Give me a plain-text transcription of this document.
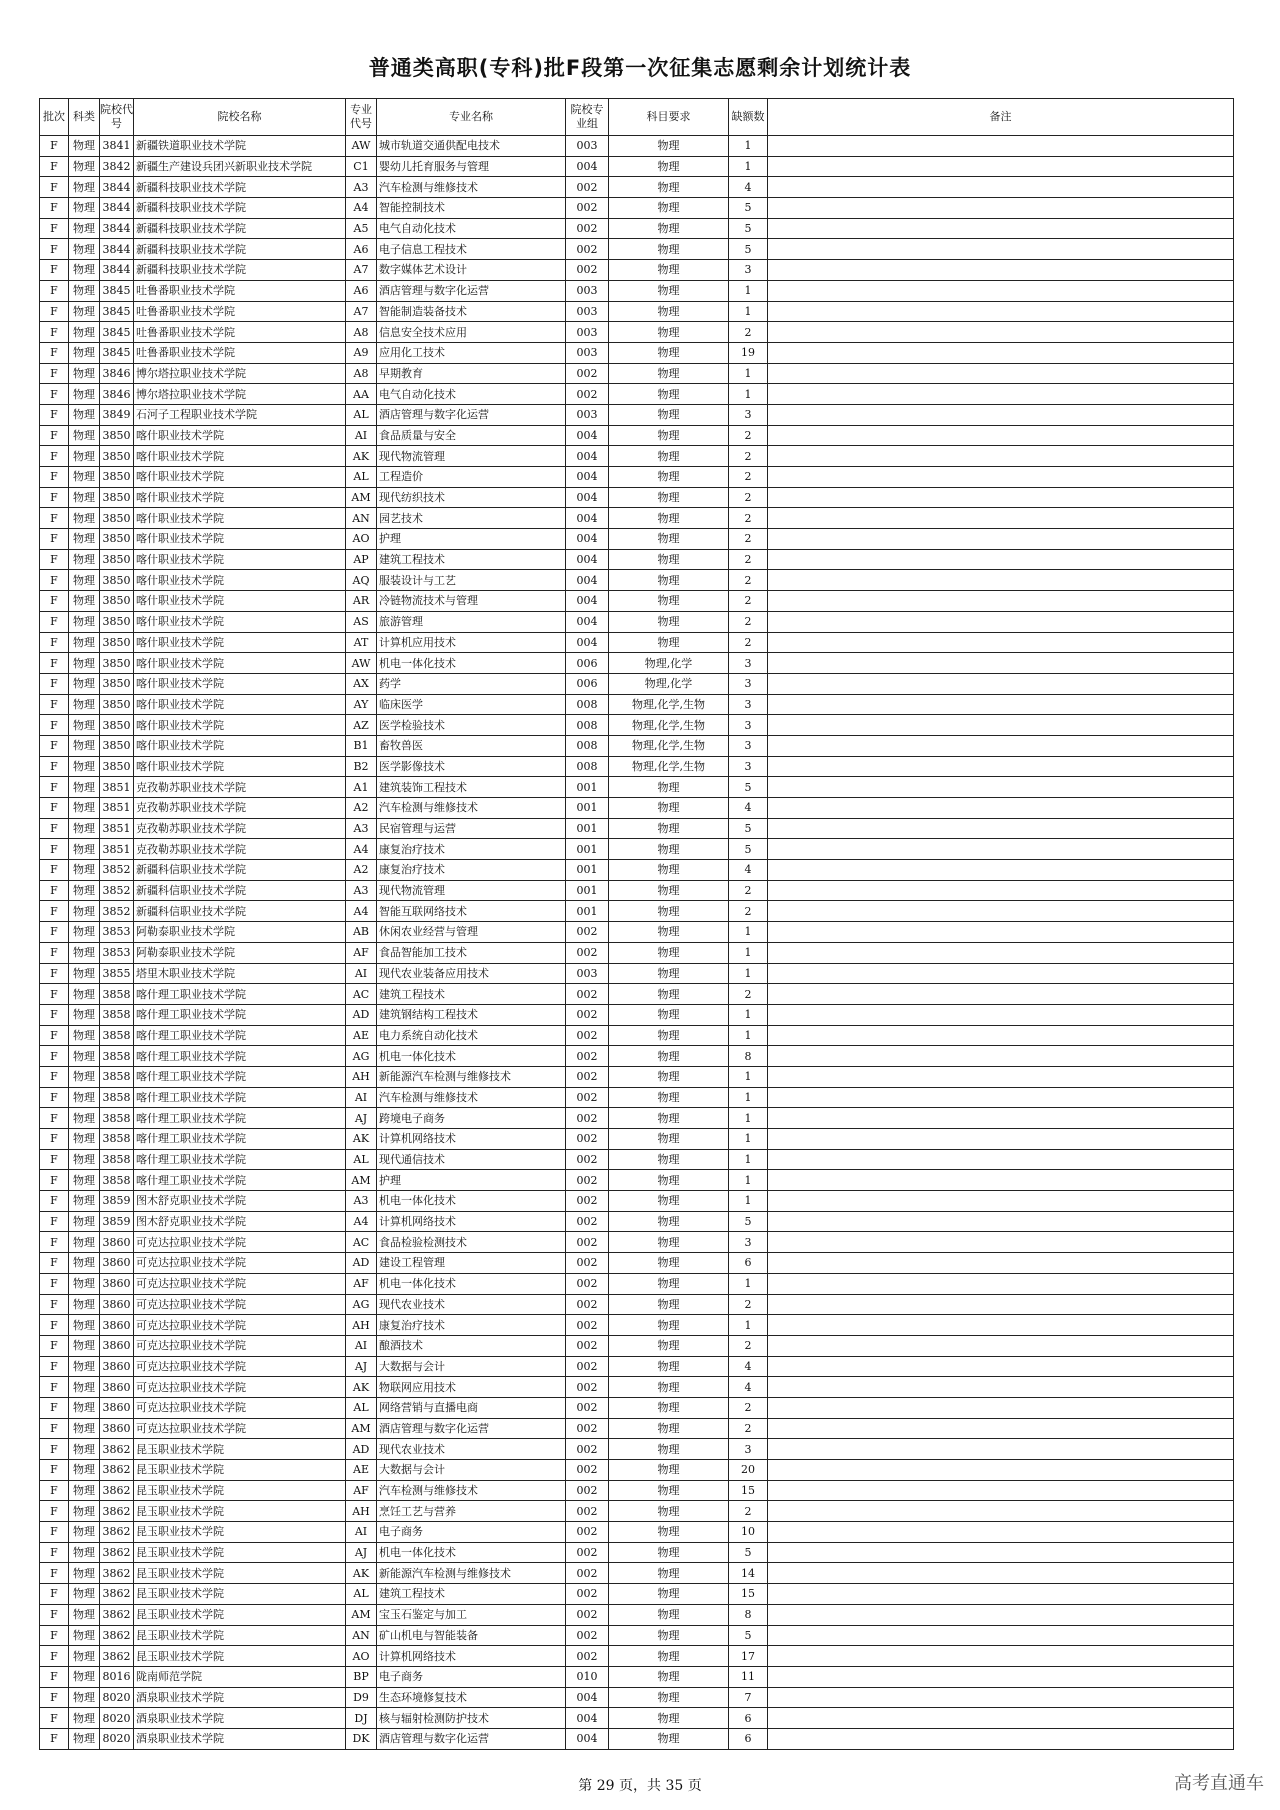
普通类高职(专科)批F段第一次征集志愿剩余计划统计表
批次	科类	院校代号	院校名称	专业代号	专业名称	院校专业组	科目要求	缺额数	备注
F	物理	3841	新疆铁道职业技术学院	AW	城市轨道交通供配电技术	003	物理	1	
F	物理	3842	新疆生产建设兵团兴新职业技术学院	C1	婴幼儿托育服务与管理	004	物理	1	
F	物理	3844	新疆科技职业技术学院	A3	汽车检测与维修技术	002	物理	4	
F	物理	3844	新疆科技职业技术学院	A4	智能控制技术	002	物理	5	
F	物理	3844	新疆科技职业技术学院	A5	电气自动化技术	002	物理	5	
F	物理	3844	新疆科技职业技术学院	A6	电子信息工程技术	002	物理	5	
F	物理	3844	新疆科技职业技术学院	A7	数字媒体艺术设计	002	物理	3	
F	物理	3845	吐鲁番职业技术学院	A6	酒店管理与数字化运营	003	物理	1	
F	物理	3845	吐鲁番职业技术学院	A7	智能制造装备技术	003	物理	1	
F	物理	3845	吐鲁番职业技术学院	A8	信息安全技术应用	003	物理	2	
F	物理	3845	吐鲁番职业技术学院	A9	应用化工技术	003	物理	19	
F	物理	3846	博尔塔拉职业技术学院	A8	早期教育	002	物理	1	
F	物理	3846	博尔塔拉职业技术学院	AA	电气自动化技术	002	物理	1	
F	物理	3849	石河子工程职业技术学院	AL	酒店管理与数字化运营	003	物理	3	
F	物理	3850	喀什职业技术学院	AI	食品质量与安全	004	物理	2	
F	物理	3850	喀什职业技术学院	AK	现代物流管理	004	物理	2	
F	物理	3850	喀什职业技术学院	AL	工程造价	004	物理	2	
F	物理	3850	喀什职业技术学院	AM	现代纺织技术	004	物理	2	
F	物理	3850	喀什职业技术学院	AN	园艺技术	004	物理	2	
F	物理	3850	喀什职业技术学院	AO	护理	004	物理	2	
F	物理	3850	喀什职业技术学院	AP	建筑工程技术	004	物理	2	
F	物理	3850	喀什职业技术学院	AQ	服装设计与工艺	004	物理	2	
F	物理	3850	喀什职业技术学院	AR	冷链物流技术与管理	004	物理	2	
F	物理	3850	喀什职业技术学院	AS	旅游管理	004	物理	2	
F	物理	3850	喀什职业技术学院	AT	计算机应用技术	004	物理	2	
F	物理	3850	喀什职业技术学院	AW	机电一体化技术	006	物理,化学	3	
F	物理	3850	喀什职业技术学院	AX	药学	006	物理,化学	3	
F	物理	3850	喀什职业技术学院	AY	临床医学	008	物理,化学,生物	3	
F	物理	3850	喀什职业技术学院	AZ	医学检验技术	008	物理,化学,生物	3	
F	物理	3850	喀什职业技术学院	B1	畜牧兽医	008	物理,化学,生物	3	
F	物理	3850	喀什职业技术学院	B2	医学影像技术	008	物理,化学,生物	3	
F	物理	3851	克孜勒苏职业技术学院	A1	建筑装饰工程技术	001	物理	5	
F	物理	3851	克孜勒苏职业技术学院	A2	汽车检测与维修技术	001	物理	4	
F	物理	3851	克孜勒苏职业技术学院	A3	民宿管理与运营	001	物理	5	
F	物理	3851	克孜勒苏职业技术学院	A4	康复治疗技术	001	物理	5	
F	物理	3852	新疆科信职业技术学院	A2	康复治疗技术	001	物理	4	
F	物理	3852	新疆科信职业技术学院	A3	现代物流管理	001	物理	2	
F	物理	3852	新疆科信职业技术学院	A4	智能互联网络技术	001	物理	2	
F	物理	3853	阿勒泰职业技术学院	AB	休闲农业经营与管理	002	物理	1	
F	物理	3853	阿勒泰职业技术学院	AF	食品智能加工技术	002	物理	1	
F	物理	3855	塔里木职业技术学院	AI	现代农业装备应用技术	003	物理	1	
F	物理	3858	喀什理工职业技术学院	AC	建筑工程技术	002	物理	2	
F	物理	3858	喀什理工职业技术学院	AD	建筑钢结构工程技术	002	物理	1	
F	物理	3858	喀什理工职业技术学院	AE	电力系统自动化技术	002	物理	1	
F	物理	3858	喀什理工职业技术学院	AG	机电一体化技术	002	物理	8	
F	物理	3858	喀什理工职业技术学院	AH	新能源汽车检测与维修技术	002	物理	1	
F	物理	3858	喀什理工职业技术学院	AI	汽车检测与维修技术	002	物理	1	
F	物理	3858	喀什理工职业技术学院	AJ	跨境电子商务	002	物理	1	
F	物理	3858	喀什理工职业技术学院	AK	计算机网络技术	002	物理	1	
F	物理	3858	喀什理工职业技术学院	AL	现代通信技术	002	物理	1	
F	物理	3858	喀什理工职业技术学院	AM	护理	002	物理	1	
F	物理	3859	图木舒克职业技术学院	A3	机电一体化技术	002	物理	1	
F	物理	3859	图木舒克职业技术学院	A4	计算机网络技术	002	物理	5	
F	物理	3860	可克达拉职业技术学院	AC	食品检验检测技术	002	物理	3	
F	物理	3860	可克达拉职业技术学院	AD	建设工程管理	002	物理	6	
F	物理	3860	可克达拉职业技术学院	AF	机电一体化技术	002	物理	1	
F	物理	3860	可克达拉职业技术学院	AG	现代农业技术	002	物理	2	
F	物理	3860	可克达拉职业技术学院	AH	康复治疗技术	002	物理	1	
F	物理	3860	可克达拉职业技术学院	AI	酿酒技术	002	物理	2	
F	物理	3860	可克达拉职业技术学院	AJ	大数据与会计	002	物理	4	
F	物理	3860	可克达拉职业技术学院	AK	物联网应用技术	002	物理	4	
F	物理	3860	可克达拉职业技术学院	AL	网络营销与直播电商	002	物理	2	
F	物理	3860	可克达拉职业技术学院	AM	酒店管理与数字化运营	002	物理	2	
F	物理	3862	昆玉职业技术学院	AD	现代农业技术	002	物理	3	
F	物理	3862	昆玉职业技术学院	AE	大数据与会计	002	物理	20	
F	物理	3862	昆玉职业技术学院	AF	汽车检测与维修技术	002	物理	15	
F	物理	3862	昆玉职业技术学院	AH	烹饪工艺与营养	002	物理	2	
F	物理	3862	昆玉职业技术学院	AI	电子商务	002	物理	10	
F	物理	3862	昆玉职业技术学院	AJ	机电一体化技术	002	物理	5	
F	物理	3862	昆玉职业技术学院	AK	新能源汽车检测与维修技术	002	物理	14	
F	物理	3862	昆玉职业技术学院	AL	建筑工程技术	002	物理	15	
F	物理	3862	昆玉职业技术学院	AM	宝玉石鉴定与加工	002	物理	8	
F	物理	3862	昆玉职业技术学院	AN	矿山机电与智能装备	002	物理	5	
F	物理	3862	昆玉职业技术学院	AO	计算机网络技术	002	物理	17	
F	物理	8016	陇南师范学院	BP	电子商务	010	物理	11	
F	物理	8020	酒泉职业技术学院	D9	生态环境修复技术	004	物理	7	
F	物理	8020	酒泉职业技术学院	DJ	核与辐射检测防护技术	004	物理	6	
F	物理	8020	酒泉职业技术学院	DK	酒店管理与数字化运营	004	物理	6	
第 29 页，共 35 页	高考直通车
